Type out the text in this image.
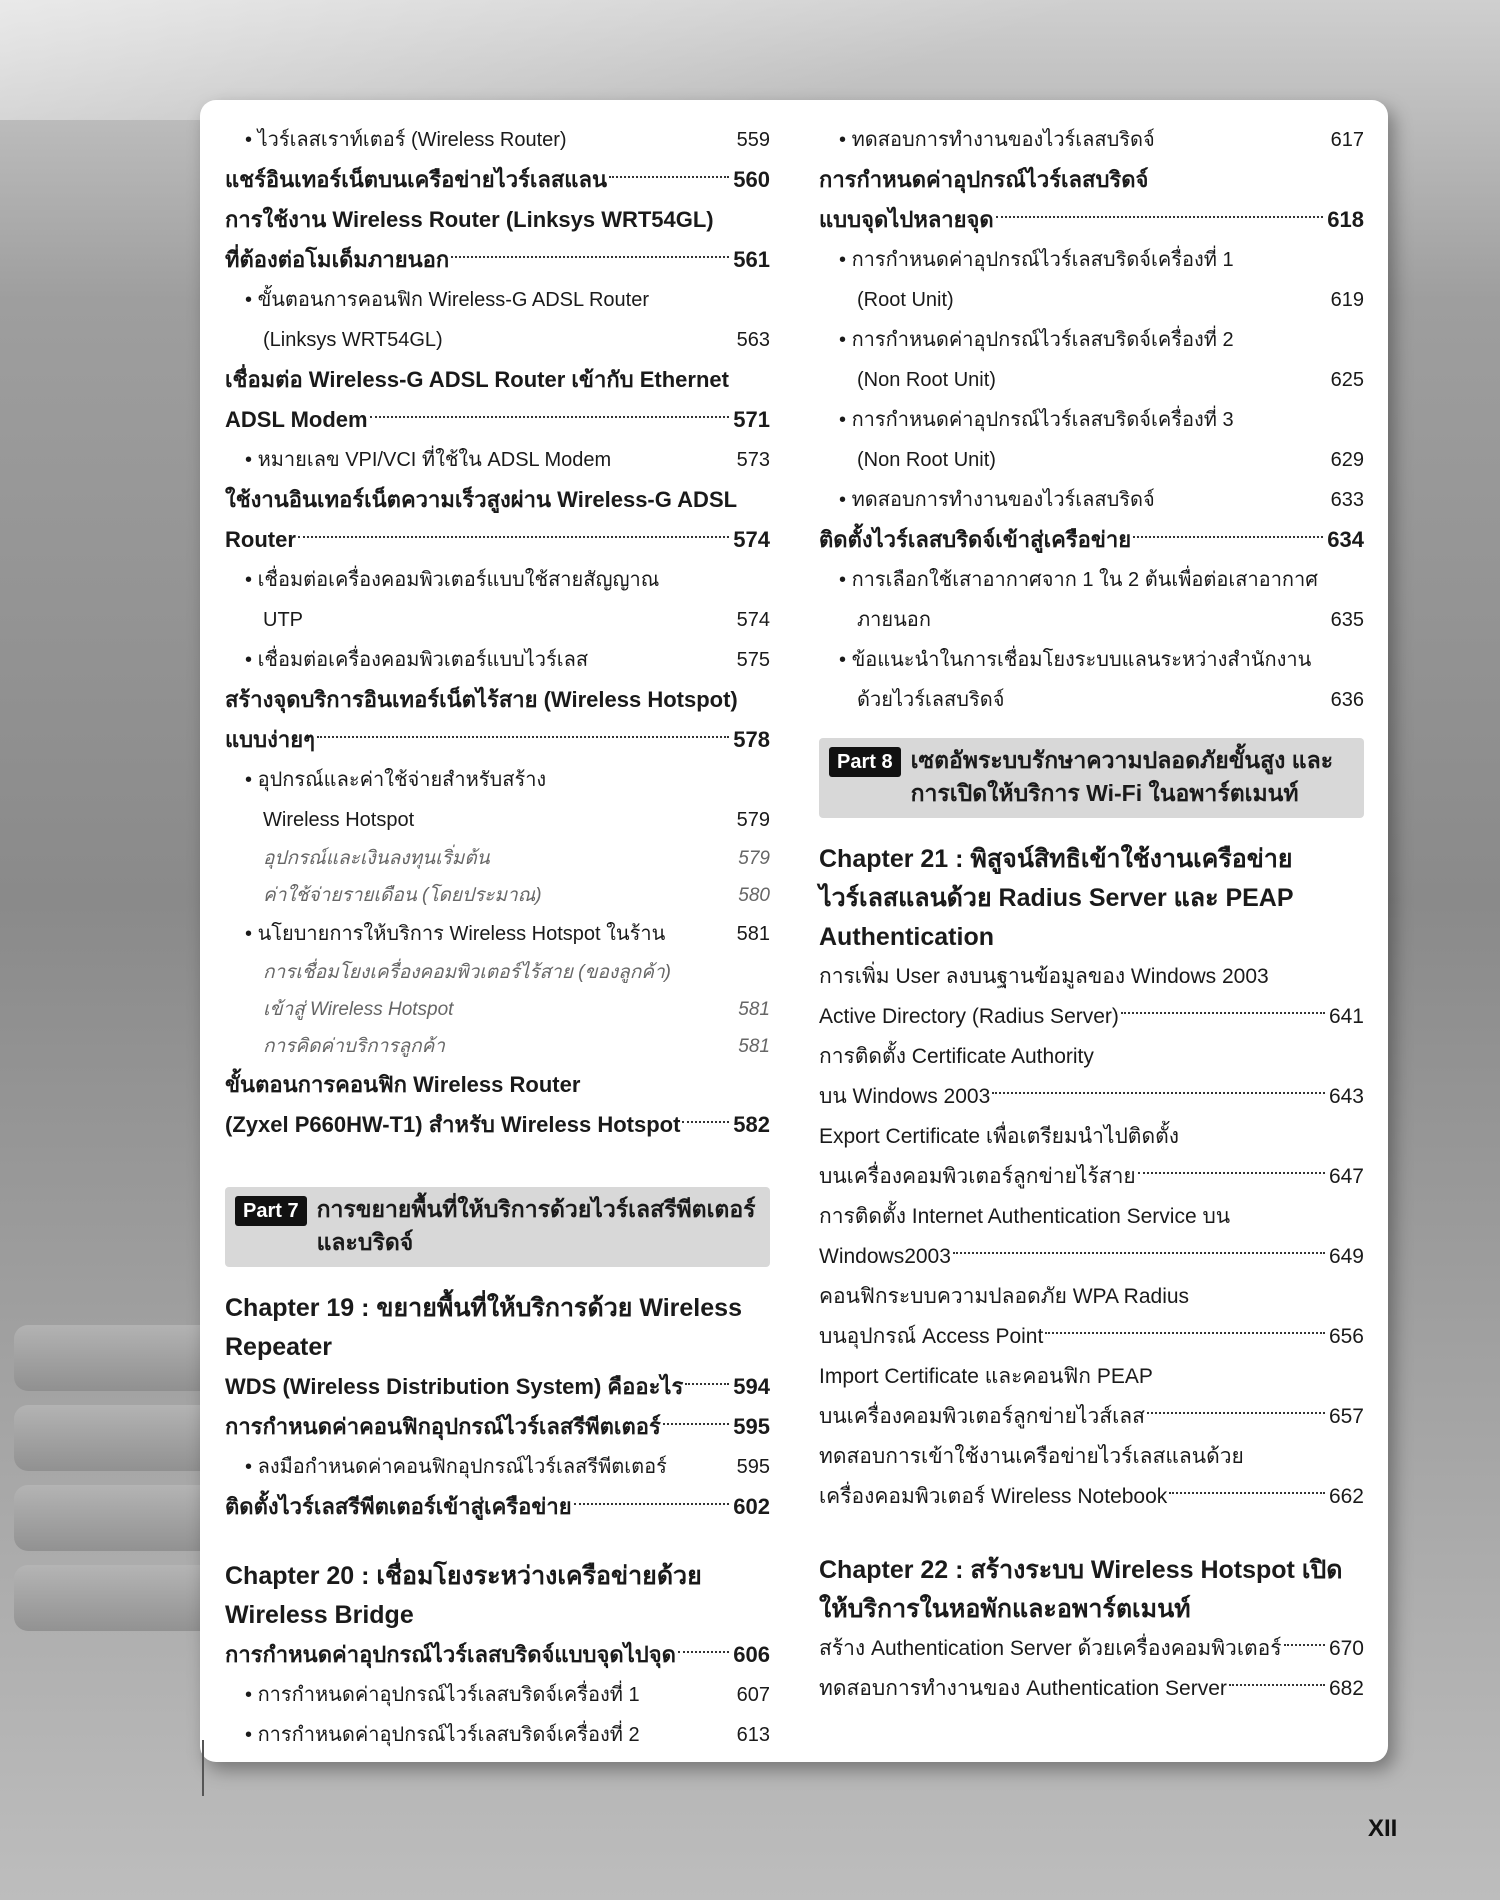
• ไวร์เลสเราท์เตอร์ (Wireless Router)	559
แชร์อินเทอร์เน็ตบนเครือข่ายไวร์เลสแลน	560
การใช้งาน Wireless Router (Linksys WRT54GL)
ที่ต้องต่อโมเด็มภายนอก	561
• ขั้นตอนการคอนฟิก Wireless-G ADSL Router
(Linksys WRT54GL)	563
เชื่อมต่อ Wireless-G ADSL Router เข้ากับ Ethernet
ADSL Modem	571
• หมายเลข VPI/VCI ที่ใช้ใน ADSL Modem	573
ใช้งานอินเทอร์เน็ตความเร็วสูงผ่าน Wireless-G ADSL
Router	574
• เชื่อมต่อเครื่องคอมพิวเตอร์แบบใช้สายสัญญาณ
UTP	574
• เชื่อมต่อเครื่องคอมพิวเตอร์แบบไวร์เลส	575
สร้างจุดบริการอินเทอร์เน็ตไร้สาย (Wireless Hotspot)
แบบง่ายๆ	578
• อุปกรณ์และค่าใช้จ่ายสำหรับสร้าง
Wireless Hotspot	579
อุปกรณ์และเงินลงทุนเริ่มต้น	579
ค่าใช้จ่ายรายเดือน (โดยประมาณ)	580
• นโยบายการให้บริการ Wireless Hotspot ในร้าน	581
การเชื่อมโยงเครื่องคอมพิวเตอร์ไร้สาย (ของลูกค้า)
เข้าสู่ Wireless Hotspot	581
การคิดค่าบริการลูกค้า	581
ขั้นตอนการคอนฟิก Wireless Router
(Zyxel P660HW-T1) สำหรับ Wireless Hotspot 582
Part 7 การขยายพื้นที่ให้บริการด้วยไวร์เลสรีพีตเตอร์
และบริดจ์
Chapter 19 : ขยายพื้นที่ให้บริการด้วย Wireless
Repeater
WDS (Wireless Distribution System) คืออะไร 594
การกำหนดค่าคอนฟิกอุปกรณ์ไวร์เลสรีพีตเตอร์	595
• ลงมือกำหนดค่าคอนฟิกอุปกรณ์ไวร์เลสรีพีตเตอร์	595
ติดตั้งไวร์เลสรีพีตเตอร์เข้าสู่เครือข่าย	602
Chapter 20 : เชื่อมโยงระหว่างเครือข่ายด้วย
Wireless Bridge
การกำหนดค่าอุปกรณ์ไวร์เลสบริดจ์แบบจุดไปจุด	606
• การกำหนดค่าอุปกรณ์ไวร์เลสบริดจ์เครื่องที่ 1	607
• การกำหนดค่าอุปกรณ์ไวร์เลสบริดจ์เครื่องที่ 2	613
• ทดสอบการทำงานของไวร์เลสบริดจ์	617
การกำหนดค่าอุปกรณ์ไวร์เลสบริดจ์
แบบจุดไปหลายจุด	618
• การกำหนดค่าอุปกรณ์ไวร์เลสบริดจ์เครื่องที่ 1
(Root Unit)	619
• การกำหนดค่าอุปกรณ์ไวร์เลสบริดจ์เครื่องที่ 2
(Non Root Unit)	625
• การกำหนดค่าอุปกรณ์ไวร์เลสบริดจ์เครื่องที่ 3
(Non Root Unit)	629
• ทดสอบการทำงานของไวร์เลสบริดจ์	633
ติดตั้งไวร์เลสบริดจ์เข้าสู่เครือข่าย	634
• การเลือกใช้เสาอากาศจาก 1 ใน 2 ต้นเพื่อต่อเสาอากาศ
ภายนอก	635
• ข้อแนะนำในการเชื่อมโยงระบบแลนระหว่างสำนักงาน
ด้วยไวร์เลสบริดจ์	636
Part 8 เซตอัพระบบรักษาความปลอดภัยขั้นสูง และ
การเปิดให้บริการ Wi-Fi ในอพาร์ตเมนท์
Chapter 21 : พิสูจน์สิทธิเข้าใช้งานเครือข่าย
ไวร์เลสแลนด้วย Radius Server และ PEAP
Authentication
การเพิ่ม User ลงบนฐานข้อมูลของ Windows 2003
Active Directory (Radius Server)	641
การติดตั้ง Certificate Authority
บน Windows 2003	643
Export Certificate เพื่อเตรียมนำไปติดตั้ง
บนเครื่องคอมพิวเตอร์ลูกข่ายไร้สาย	647
การติดตั้ง Internet Authentication Service บน
Windows2003	649
คอนฟิกระบบความปลอดภัย WPA Radius
บนอุปกรณ์ Access Point	656
Import Certificate และคอนฟิก PEAP
บนเครื่องคอมพิวเตอร์ลูกข่ายไวส์เลส	657
ทดสอบการเข้าใช้งานเครือข่ายไวร์เลสแลนด้วย
เครื่องคอมพิวเตอร์ Wireless Notebook	662
Chapter 22 : สร้างระบบ Wireless Hotspot เปิด
ให้บริการในหอพักและอพาร์ตเมนท์
สร้าง Authentication Server ด้วยเครื่องคอมพิวเตอร์ 670
ทดสอบการทำงานของ Authentication Server	682
XII
